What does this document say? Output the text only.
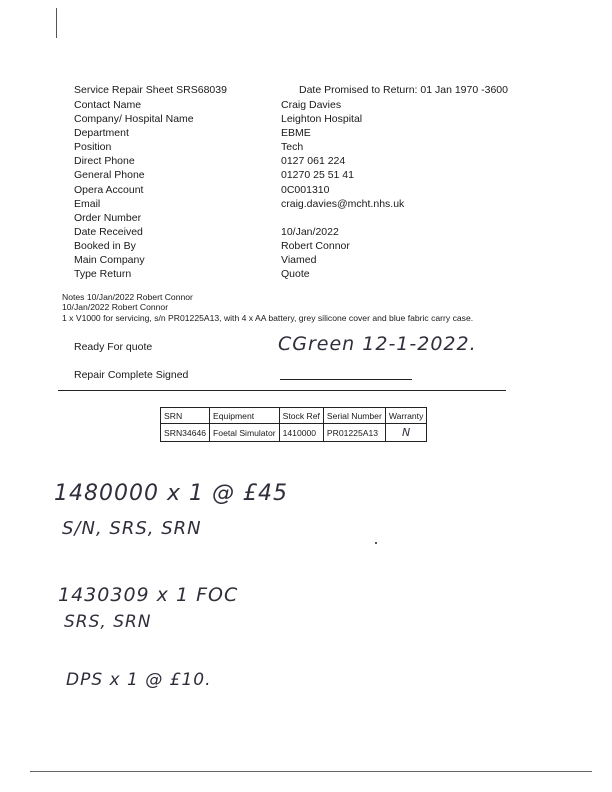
Service Repair Sheet SRS68039	Date Promised to Return: 01 Jan 1970 -3600
Contact Name	Craig Davies
Company/ Hospital Name	Leighton Hospital
Department	EBME
Position	Tech
Direct Phone	0127 061 224
General Phone	01270 25 51 41
Opera Account	0C001310
Email	craig.davies@mcht.nhs.uk
Order Number
Date Received	10/Jan/2022
Booked in By	Robert Connor
Main Company	Viamed
Type Return	Quote
Notes 10/Jan/2022 Robert Connor
10/Jan/2022 Robert Connor
1 x V1000 for servicing, s/n PR01225A13, with 4 x AA battery, grey silicone cover and blue fabric carry case.
Ready For quote	CGreen 12-1-2022.
Repair Complete Signed
SRN	Equipment	Stock Ref	Serial Number	Warranty
SRN34646	Foetal Simulator	1410000	PR01225A13	N
1480000 x 1 @ £45
S/N, SRS, SRN
1430309 x 1 FOC
SRS, SRN
DPS x 1 @ £10.
